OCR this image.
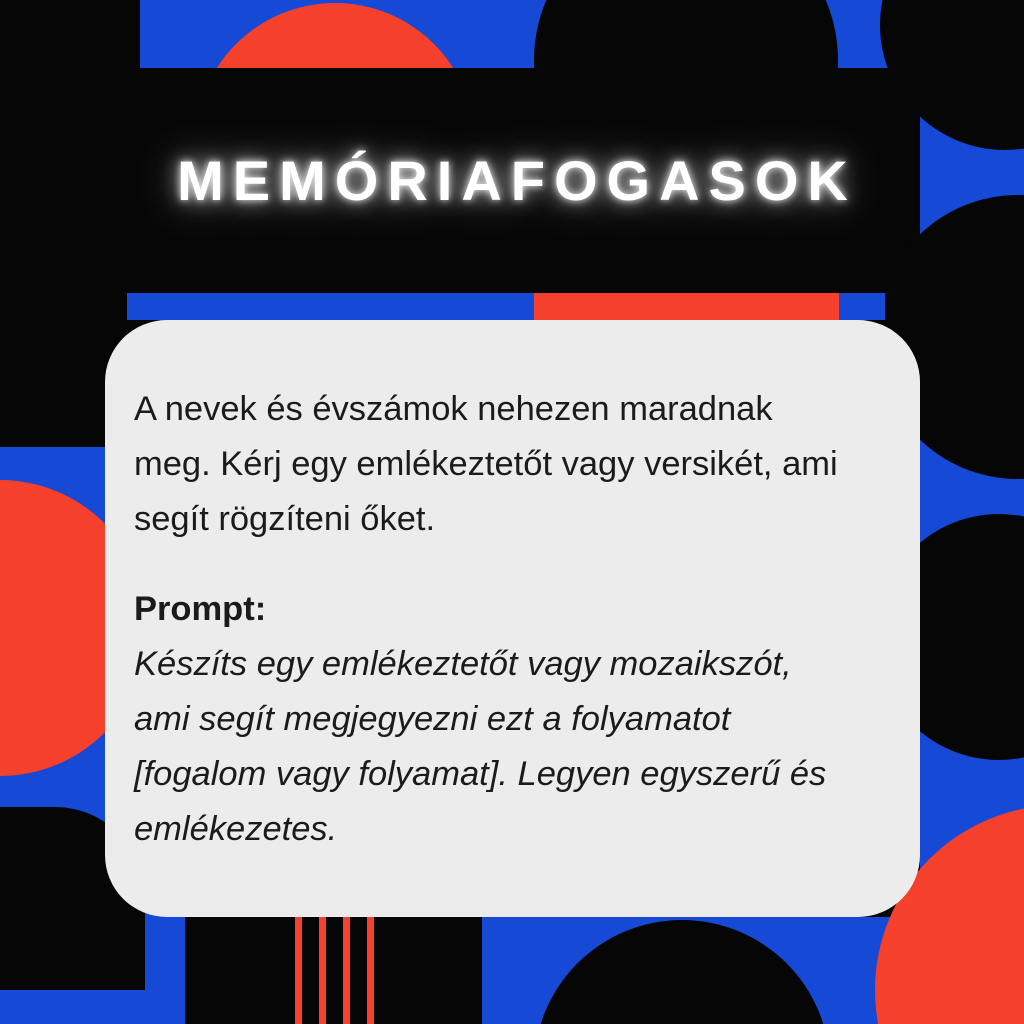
MEMÓRIAFOGASOK
A nevek és évszámok nehezen maradnak
meg. Kérj egy emlékeztetőt vagy versikét, ami
segít rögzíteni őket.
Prompt:
Készíts egy emlékeztetőt vagy mozaikszót,
ami segít megjegyezni ezt a folyamatot
[fogalom vagy folyamat]. Legyen egyszerű és
emlékezetes.
